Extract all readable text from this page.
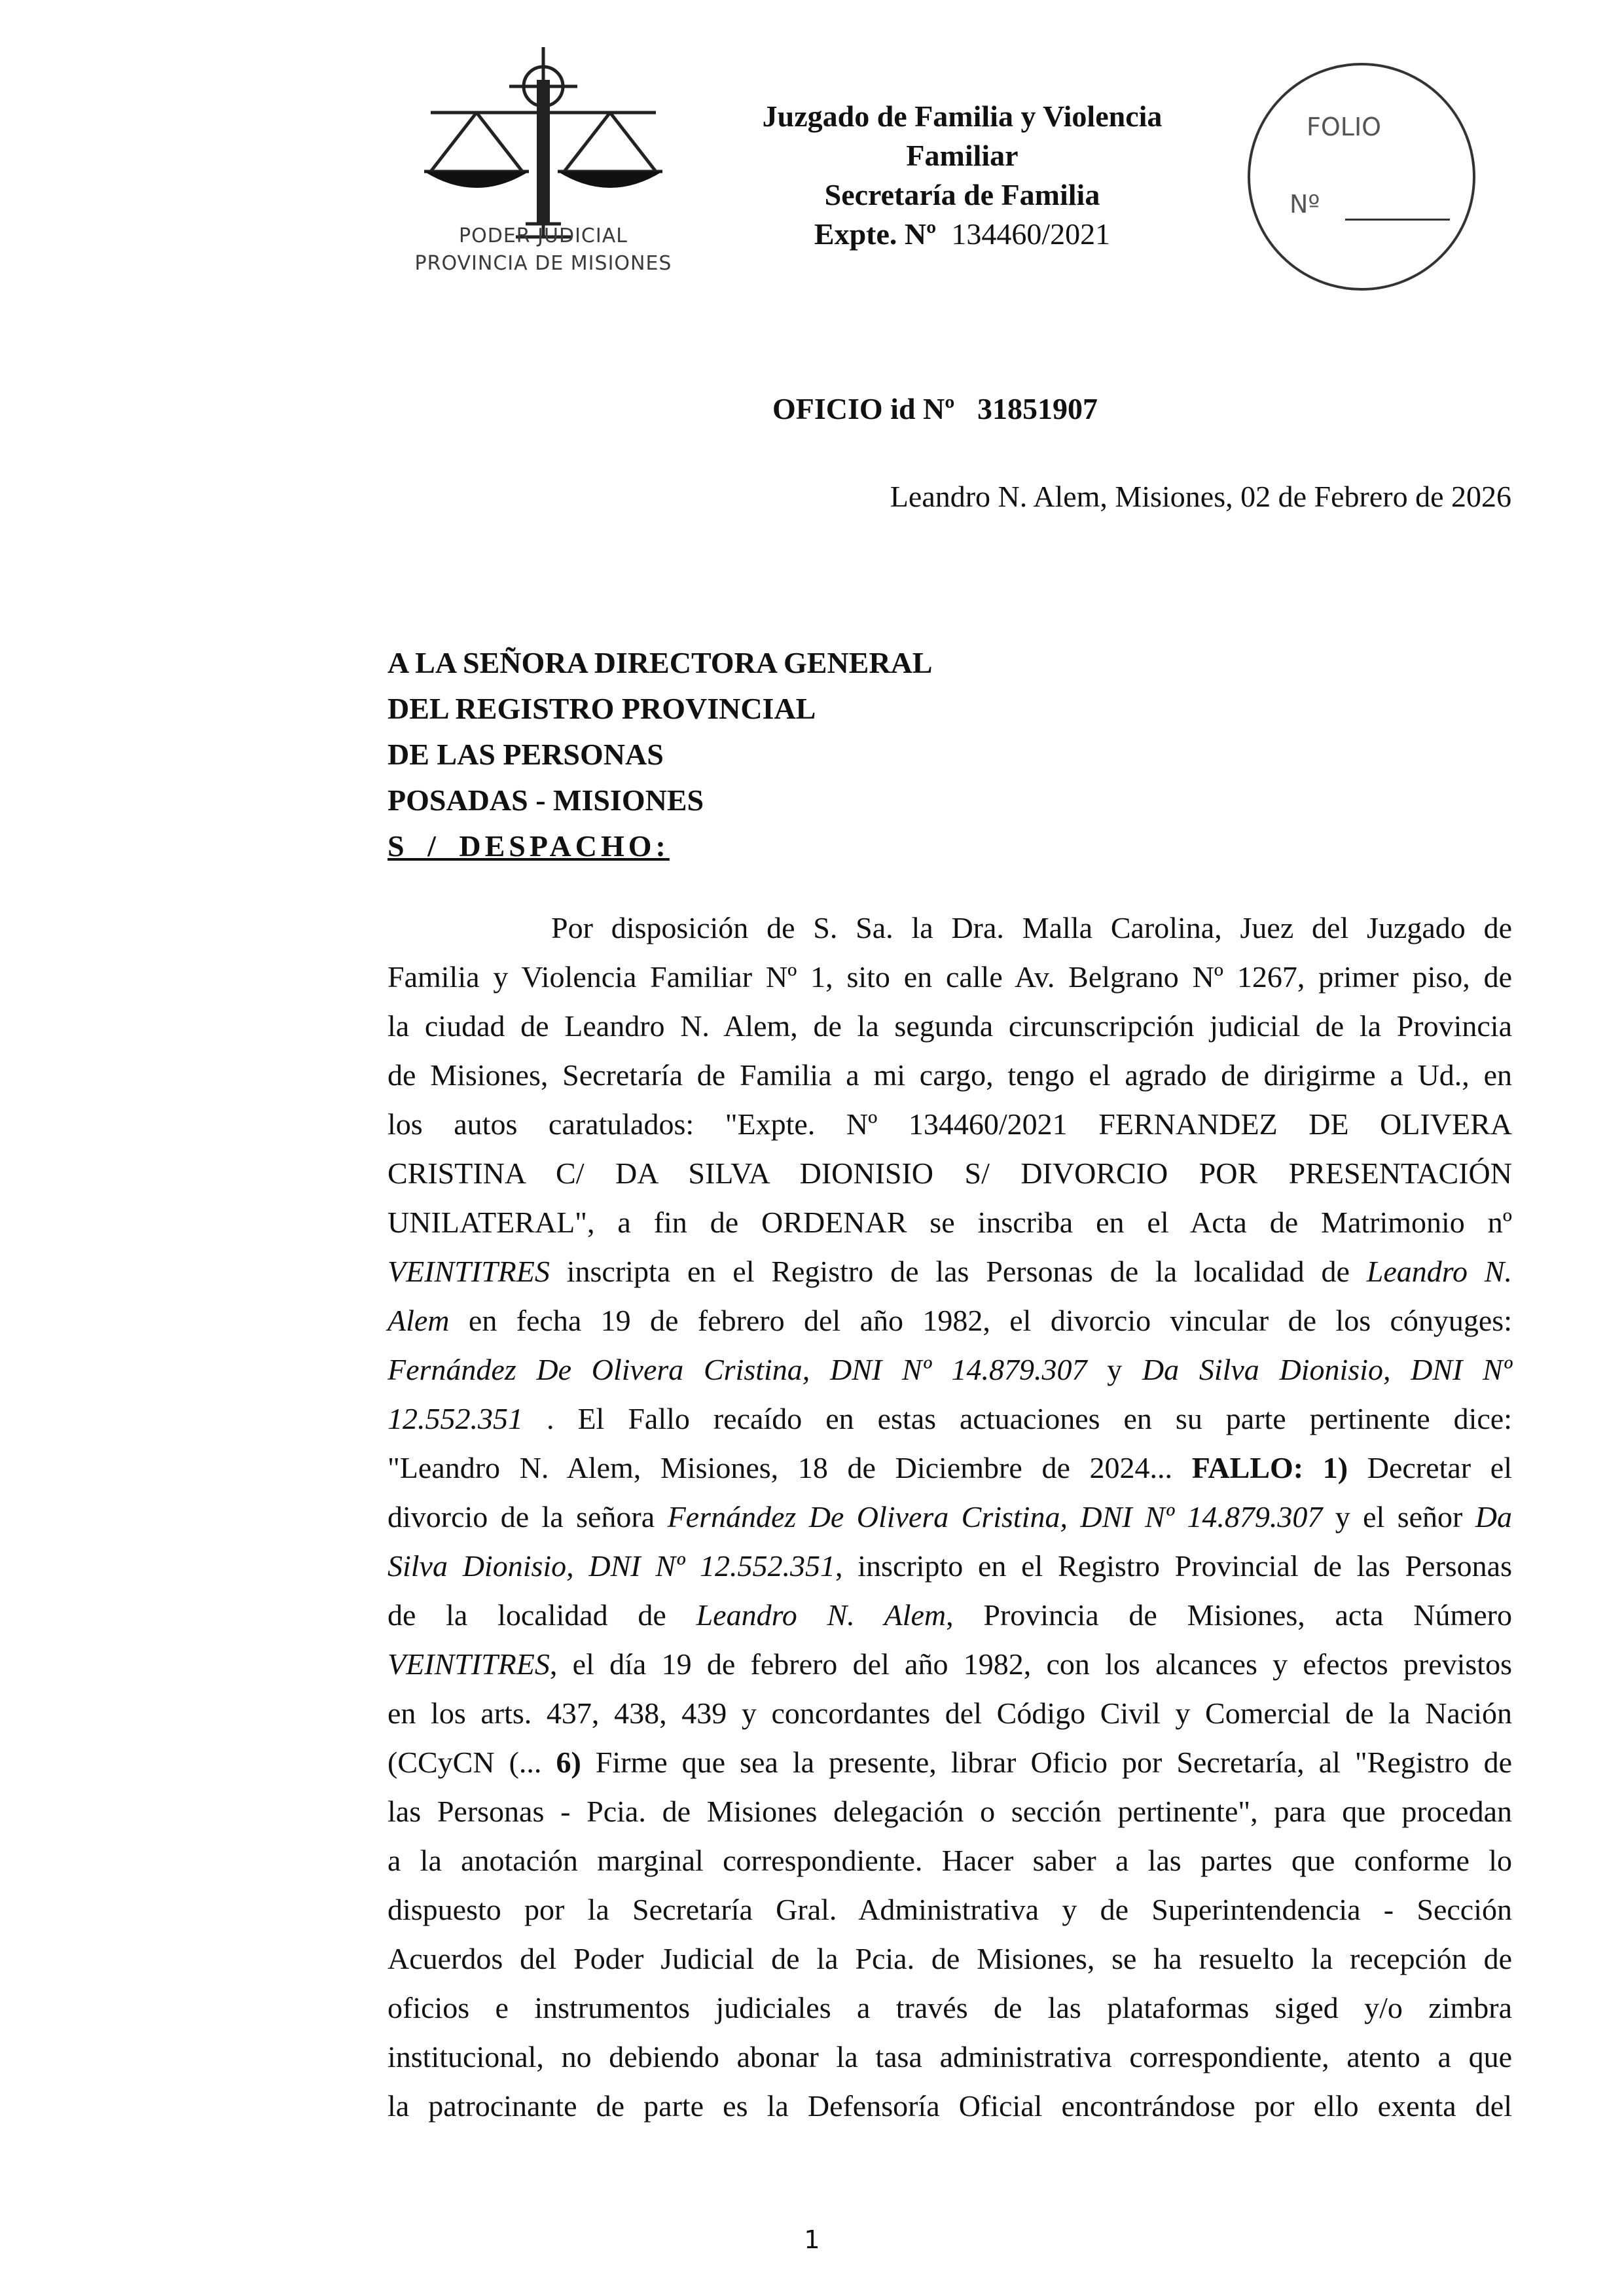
PODER JUDICIAL
PROVINCIA DE MISIONES
Juzgado de Familia y Violencia
Familiar
Secretaría de Familia
Expte. Nº 134460/2021
FOLIO
Nº
OFICIO id Nº 31851907
Leandro N. Alem, Misiones, 02 de Febrero de 2026
A LA SEÑORA DIRECTORA GENERAL
DEL REGISTRO PROVINCIAL
DE LAS PERSONAS
POSADAS - MISIONES
S / DESPACHO:
Por disposición de S. Sa. la Dra. Malla Carolina, Juez del Juzgado de
Familia y Violencia Familiar Nº 1, sito en calle Av. Belgrano Nº 1267, primer piso, de
la ciudad de Leandro N. Alem, de la segunda circunscripción judicial de la Provincia
de Misiones, Secretaría de Familia a mi cargo, tengo el agrado de dirigirme a Ud., en
los autos caratulados: "Expte. Nº 134460/2021 FERNANDEZ DE OLIVERA
CRISTINA C/ DA SILVA DIONISIO S/ DIVORCIO POR PRESENTACIÓN
UNILATERAL", a fin de ORDENAR se inscriba en el Acta de Matrimonio nº
VEINTITRES inscripta en el Registro de las Personas de la localidad de Leandro N.
Alem en fecha 19 de febrero del año 1982, el divorcio vincular de los cónyuges:
Fernández De Olivera Cristina, DNI Nº 14.879.307 y Da Silva Dionisio, DNI Nº
12.552.351 . El Fallo recaído en estas actuaciones en su parte pertinente dice:
"Leandro N. Alem, Misiones, 18 de Diciembre de 2024... FALLO: 1) Decretar el
divorcio de la señora Fernández De Olivera Cristina, DNI Nº 14.879.307 y el señor Da
Silva Dionisio, DNI Nº 12.552.351, inscripto en el Registro Provincial de las Personas
de la localidad de Leandro N. Alem, Provincia de Misiones, acta Número
VEINTITRES, el día 19 de febrero del año 1982, con los alcances y efectos previstos
en los arts. 437, 438, 439 y concordantes del Código Civil y Comercial de la Nación
(CCyCN (... 6) Firme que sea la presente, librar Oficio por Secretaría, al "Registro de
las Personas - Pcia. de Misiones delegación o sección pertinente", para que procedan
a la anotación marginal correspondiente. Hacer saber a las partes que conforme lo
dispuesto por la Secretaría Gral. Administrativa y de Superintendencia - Sección
Acuerdos del Poder Judicial de la Pcia. de Misiones, se ha resuelto la recepción de
oficios e instrumentos judiciales a través de las plataformas siged y/o zimbra
institucional, no debiendo abonar la tasa administrativa correspondiente, atento a que
la patrocinante de parte es la Defensoría Oficial encontrándose por ello exenta del
1
